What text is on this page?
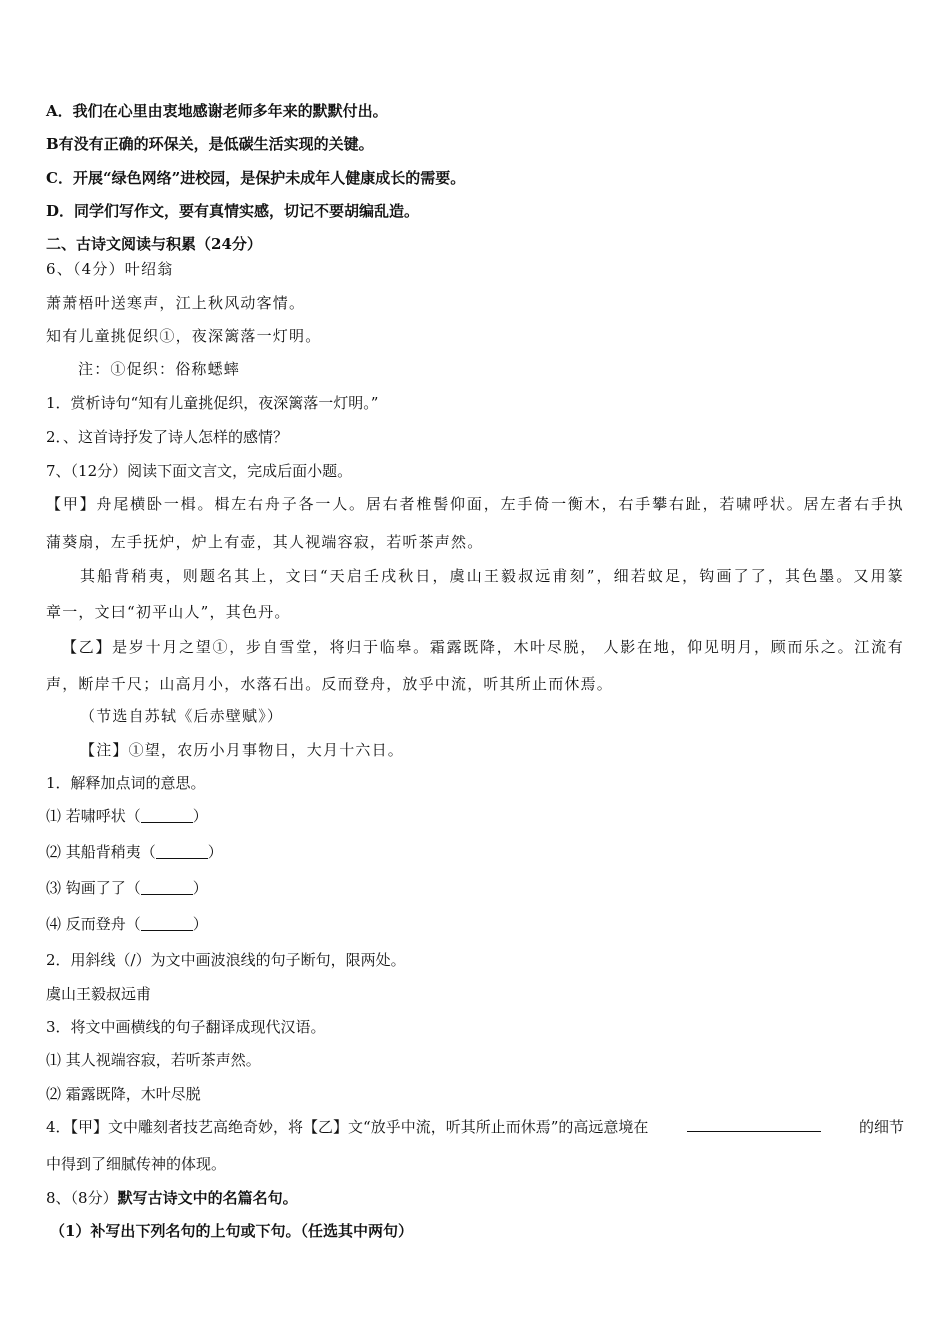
A．我们在心里由衷地感谢老师多年来的默默付出。
B有没有正确的环保关，是低碳生活实现的关键。
C．开展“绿色网络”进校园，是保护未成年人健康成长的需要。
D．同学们写作文，要有真情实感，切记不要胡编乱造。
二、古诗文阅读与积累（24分）
6、（4分）叶绍翁
萧萧梧叶送寒声，江上秋风动客情。
知有儿童挑促织①，夜深篱落一灯明。
注：①促织：俗称蟋蟀
1．赏析诗句“知有儿童挑促织，夜深篱落一灯明。”
2．、这首诗抒发了诗人怎样的感情？
7、（12分）阅读下面文言文，完成后面小题。
【甲】舟尾横卧一楫。楫左右舟子各一人。居右者椎髻仰面，左手倚一衡木，右手攀右趾，若啸呼状。居左者右手执
蒲葵扇，左手抚炉，炉上有壶，其人视端容寂，若听茶声然。
其船背稍夷，则题名其上，文曰“天启壬戌秋日，虞山王毅叔远甫刻”，细若蚊足，钩画了了，其色墨。又用篆
章一，文曰“初平山人”，其色丹。
【乙】是岁十月之望①，步自雪堂，将归于临皋。霜露既降，木叶尽脱， 人影在地，仰见明月，顾而乐之。江流有
声，断岸千尺；山高月小，水落石出。反而登舟，放乎中流，听其所止而休焉。
（节选自苏轼《后赤壁赋》）
【注】①望，农历小月事物日，大月十六日。
1．解释加点词的意思。
⑴ 若啸呼状（	）
⑵ 其船背稍夷（	）
⑶ 钩画了了（	）
⑷ 反而登舟（	）
2．用斜线（/）为文中画波浪线的句子断句，限两处。
虞山王毅叔远甫
3．将文中画横线的句子翻译成现代汉语。
⑴ 其人视端容寂，若听茶声然。
⑵ 霜露既降，木叶尽脱
4．【甲】文中雕刻者技艺高绝奇妙，将【乙】文“放乎中流，听其所止而休焉”的高远意境在	的细节
中得到了细腻传神的体现。
8、（8分）默写古诗文中的名篇名句。
（1）补写出下列名句的上句或下句。（任选其中两句）
